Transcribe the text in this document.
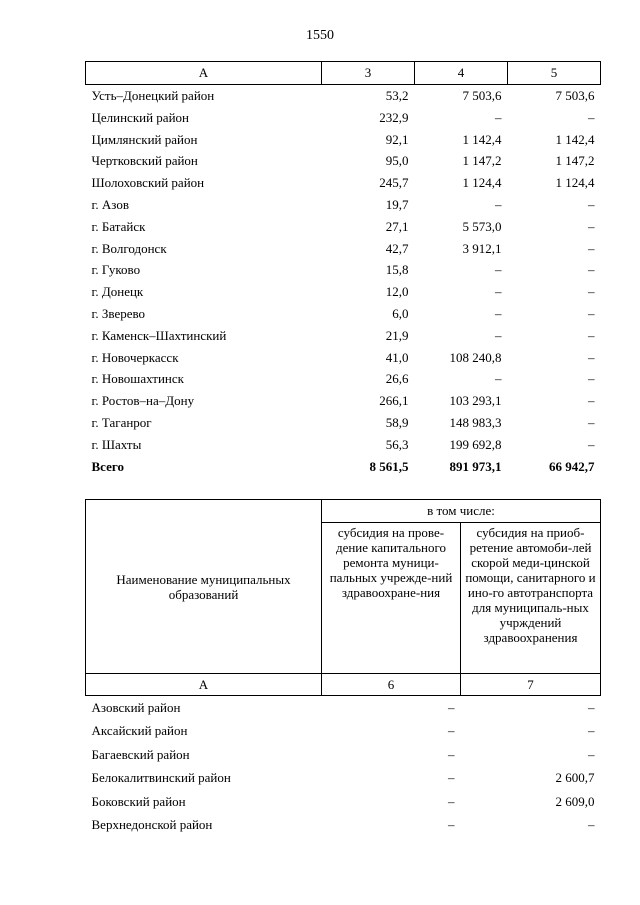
1550
А	3	4	5
Усть–Донецкий район	53,2	7 503,6	7 503,6
Целинский район	232,9	–	–
Цимлянский район	92,1	1 142,4	1 142,4
Чертковский район	95,0	1 147,2	1 147,2
Шолоховский район	245,7	1 124,4	1 124,4
г. Азов	19,7	–	–
г. Батайск	27,1	5 573,0	–
г. Волгодонск	42,7	3 912,1	–
г. Гуково	15,8	–	–
г. Донецк	12,0	–	–
г. Зверево	6,0	–	–
г. Каменск–Шахтинский	21,9	–	–
г. Новочеркасск	41,0	108 240,8	–
г. Новошахтинск	26,6	–	–
г. Ростов–на–Дону	266,1	103 293,1	–
г. Таганрог	58,9	148 983,3	–
г. Шахты	56,3	199 692,8	–
Всего	8 561,5	891 973,1	66 942,7
Наименование муниципальных образований	в том числе:	
	субсидия на прове-дение капитального ремонта муници-пальных учрежде-ний здравоохране-ния	субсидия на приоб-ретение автомоби-лей скорой меди-цинской помощи, санитарного и ино-го автотранспорта для муниципаль-ных учрждений здравоохранения
А	6	7
Азовский район	–	–
Аксайский район	–	–
Багаевский район	–	–
Белокалитвинский район	–	2 600,7
Боковский район	–	2 609,0
Верхнедонской район	–	–
